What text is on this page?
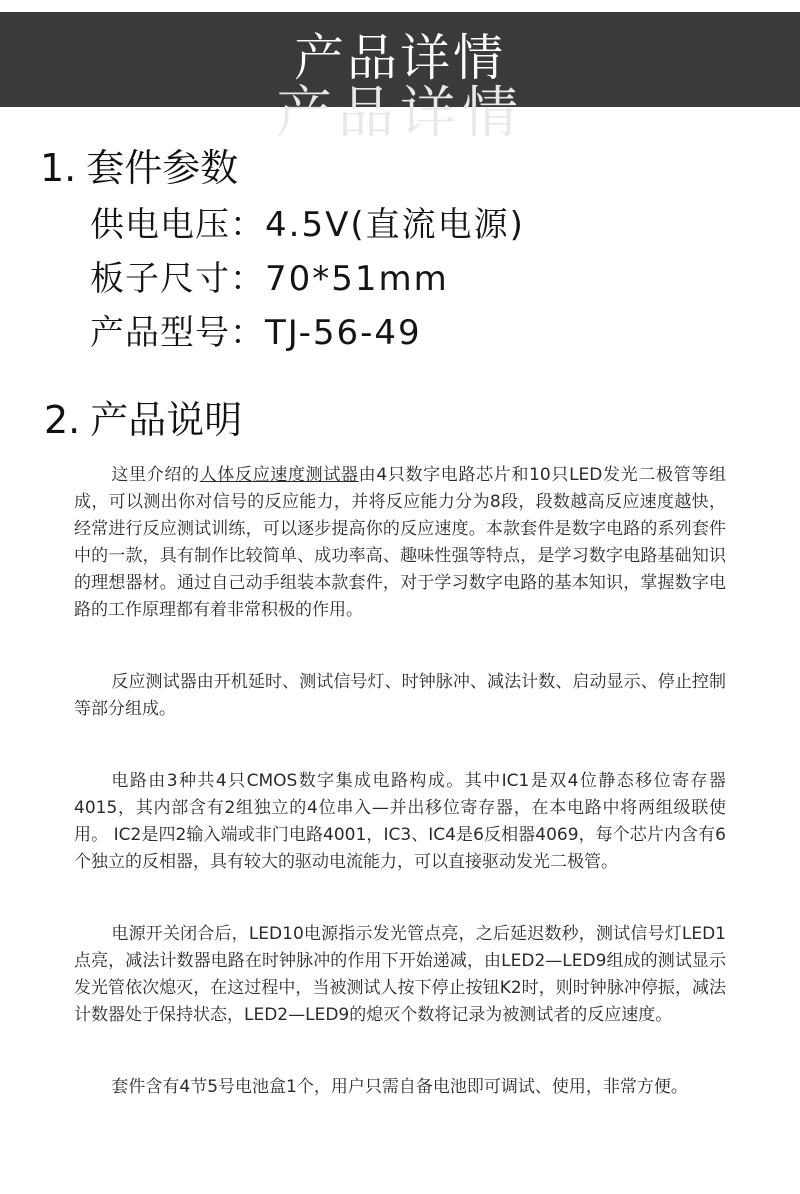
产品详情
产品详情
1. 套件参数
供电电压：4.5V(直流电源)
板子尺寸：70*51mm
产品型号：TJ-56-49
2. 产品说明

这里介绍的人体反应速度测试器由4只数字电路芯片和10只LED发光二极管等组成，可以测出你对信号的反应能力，并将反应能力分为8段，段数越高反应速度越快，经常进行反应测试训练，可以逐步提高你的反应速度。本款套件是数字电路的系列套件中的一款，具有制作比较简单、成功率高、趣味性强等特点，是学习数字电路基础知识的理想器材。通过自己动手组装本款套件，对于学习数字电路的基本知识，掌握数字电路的工作原理都有着非常积极的作用。

反应测试器由开机延时、测试信号灯、时钟脉冲、减法计数、启动显示、停止控制等部分组成。

电路由3种共4只CMOS数字集成电路构成。其中IC1是双4位静态移位寄存器4015，其内部含有2组独立的4位串入—并出移位寄存器，在本电路中将两组级联使用。 IC2是四2输入端或非门电路4001，IC3、IC4是6反相器4069，每个芯片内含有6个独立的反相器，具有较大的驱动电流能力，可以直接驱动发光二极管。

电源开关闭合后，LED10电源指示发光管点亮，之后延迟数秒，测试信号灯LED1点亮，减法计数器电路在时钟脉冲的作用下开始递减，由LED2—LED9组成的测试显示发光管依次熄灭，在这过程中，当被测试人按下停止按钮K2时，则时钟脉冲停振，减法计数器处于保持状态，LED2—LED9的熄灭个数将记录为被测试者的反应速度。

套件含有4节5号电池盒1个，用户只需自备电池即可调试、使用，非常方便。
